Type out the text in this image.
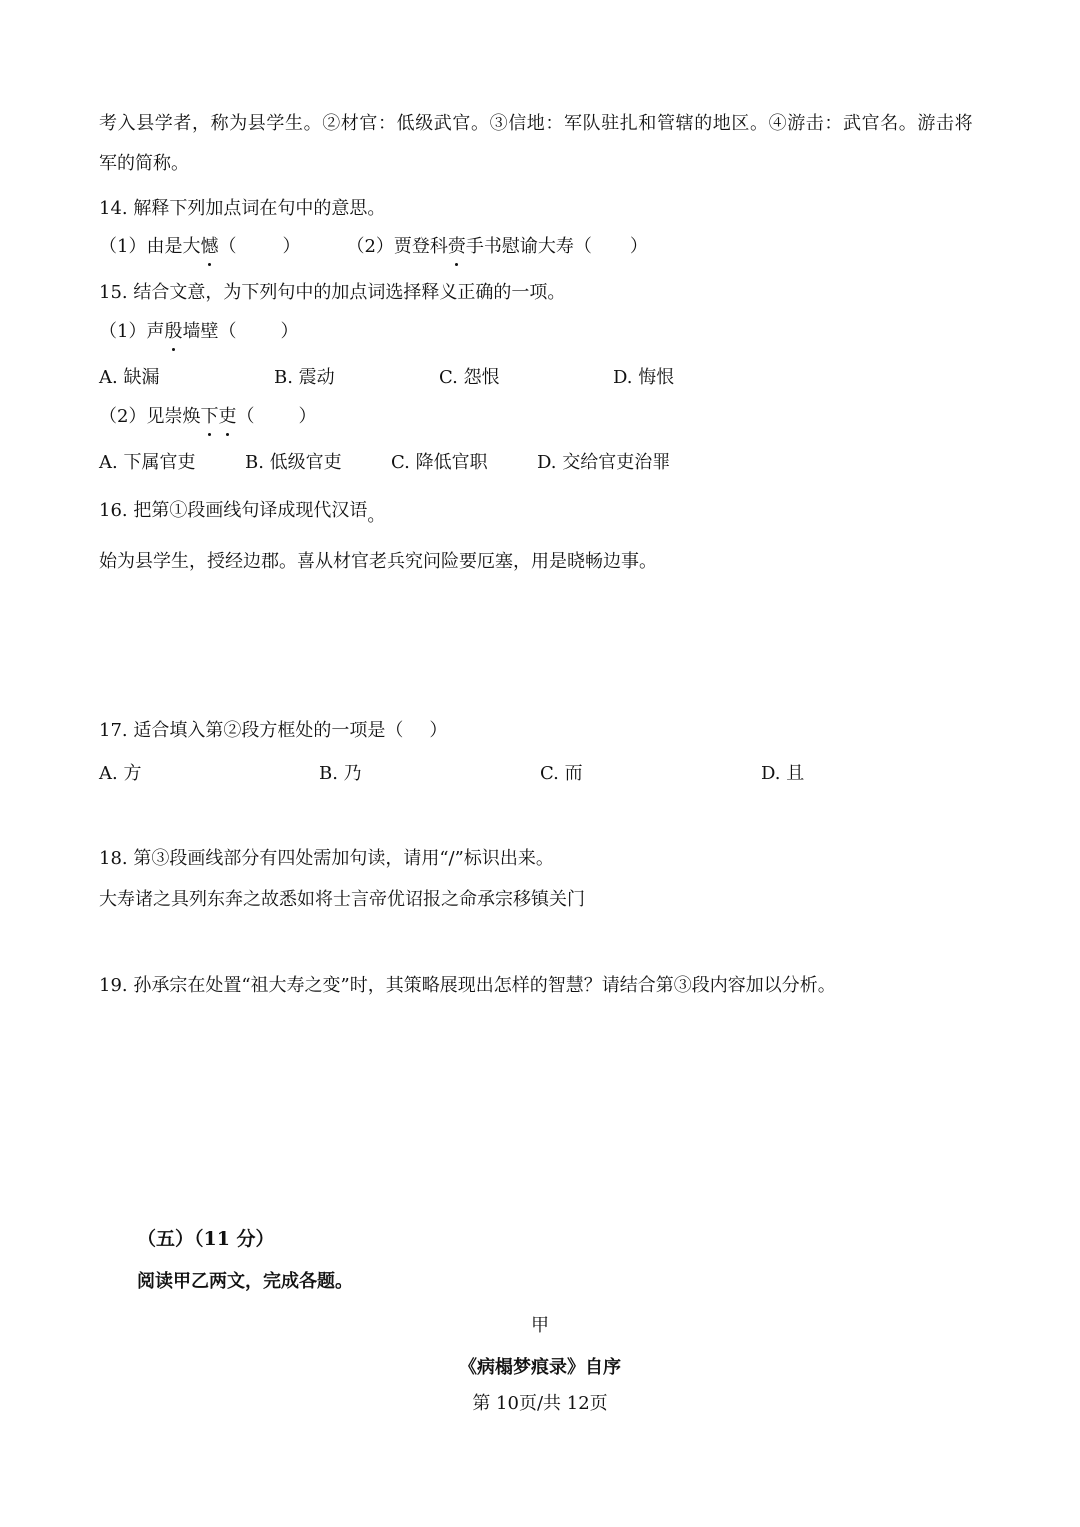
考入县学者，称为县学生。②材官：低级武官。③信地：军队驻扎和管辖的地区。④游击：武官名。游击将

军的简称。

14. 解释下列加点词在句中的意思。

（1）由是大憾（	）	（2）贾登科赍手书慰谕大寿（ ）

15. 结合文意，为下列句中的加点词选择释义正确的一项。

（1）声殷墙壁（ ）

A. 缺漏	B. 震动	C. 怨恨	D. 悔恨

（2）见崇焕下吏（ ）

A. 下属官吏	B. 低级官吏	C. 降低官职	D. 交给官吏治罪

16. 把第①段画线句译成现代汉语。

始为县学生，授经边郡。喜从材官老兵究问险要厄塞，用是晓畅边事。

17. 适合填入第②段方框处的一项是（ ）

A. 方	B. 乃	C. 而	D. 且

18. 第③段画线部分有四处需加句读，请用“/”标识出来。

大寿诸之具列东奔之故悉如将士言帝优诏报之命承宗移镇关门

19. 孙承宗在处置“祖大寿之变”时，其策略展现出怎样的智慧？请结合第③段内容加以分析。

（五）（11 分）

阅读甲乙两文，完成各题。

甲
《病榻梦痕录》自序
第 10页/共 12页
